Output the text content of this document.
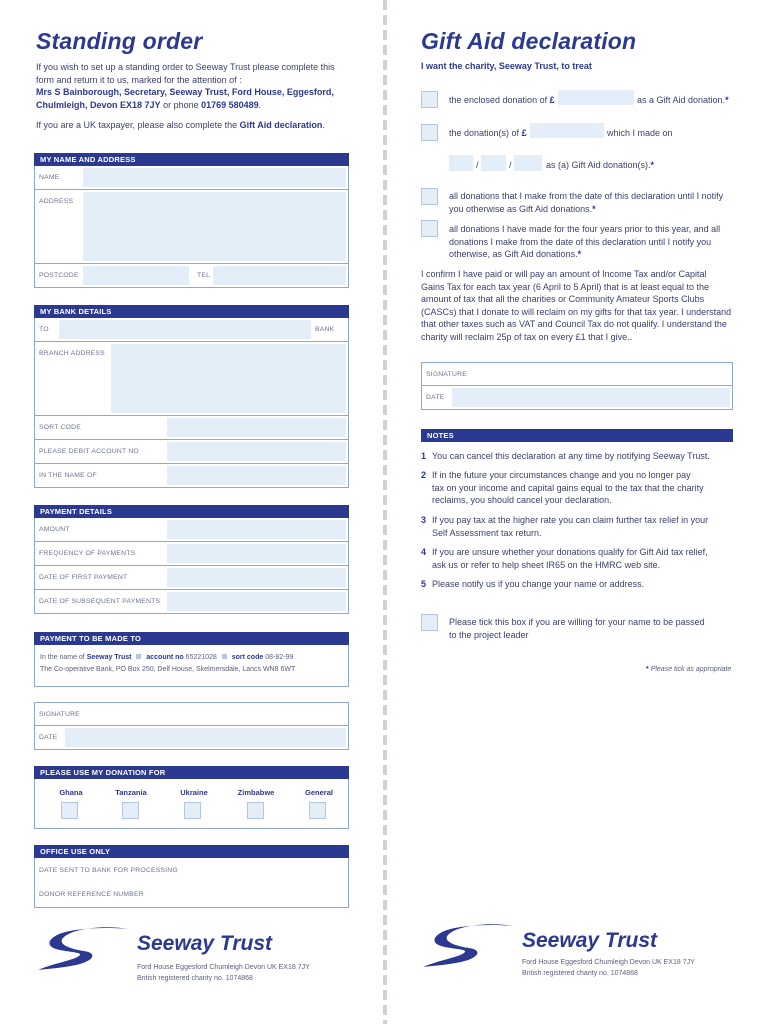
Standing order
If you wish to set up a standing order to Seeway Trust please complete this
form and return it to us, marked for the attention of :
Mrs S Bainborough, Secretary, Seeway Trust, Ford House, Eggesford,
Chulmleigh, Devon EX18 7JY or phone 01769 580489.
If you are a UK taxpayer, please also complete the Gift Aid declaration.
MY NAME AND ADDRESS
NAME
ADDRESS
POSTCODE	TEL
MY BANK DETAILS
TO	BANK
BRANCH ADDRESS
SORT CODE
PLEASE DEBIT ACCOUNT NO
IN THE NAME OF
PAYMENT DETAILS
AMOUNT
FREQUENCY OF PAYMENTS
DATE OF FIRST PAYMENT
DATE OF SUBSEQUENT PAYMENTS
PAYMENT TO BE MADE TO
In the name of Seeway Trust account no 65221028 sort code 08-92-99
The Co-operative Bank, PO Box 250, Delf House, Skelmersdale, Lancs WN8 6WT
SIGNATURE
DATE
PLEASE USE MY DONATION FOR
Ghana	Tanzania	Ukraine	Zimbabwe	General
OFFICE USE ONLY
DATE SENT TO BANK FOR PROCESSING
DONOR REFERENCE NUMBER
Seeway Trust
Ford House Eggesford Chumleigh Devon UK EX18 7JY
British registered charity no. 1074868
Gift Aid declaration
I want the charity, Seeway Trust, to treat
the enclosed donation of £	as a Gift Aid donation.*
the donation(s) of £	which I made on
/	/	as (a) Gift Aid donation(s).*
all donations that I make from the date of this declaration until I notify
you otherwise as Gift Aid donations.*
all donations I have made for the four years prior to this year, and all
donations I make from the date of this declaration until I notify you
otherwise, as Gift Aid donations.*
I confirm I have paid or will pay an amount of Income Tax and/or Capital
Gains Tax for each tax year (6 April to 5 April) that is at least equal to the
amount of tax that all the charities or Community Amateur Sports Clubs
(CASCs) that I donate to will reclaim on my gifts for that tax year. I understand
that other taxes such as VAT and Council Tax do not qualify. I understand the
charity will reclaim 25p of tax on every £1 that I give..
SIGNATURE
DATE
NOTES
1 You can cancel this declaration at any time by notifying Seeway Trust.
2 If in the future your circumstances change and you no longer pay
tax on your income and capital gains equal to the tax that the charity
reclaims, you should cancel your declaration.
3 If you pay tax at the higher rate you can claim further tax relief in your
Self Assessment tax return.
4 If you are unsure whether your donations qualify for Gift Aid tax relief,
ask us or refer to help sheet IR65 on the HMRC web site.
5 Please notify us if you change your name or address.
Please tick this box if you are willing for your name to be passed
to the project leader
* Please tick as appropriate
Seeway Trust
Ford House Eggesford Chumleigh Devon UK EX18 7JY
British registered charity no. 1074868
